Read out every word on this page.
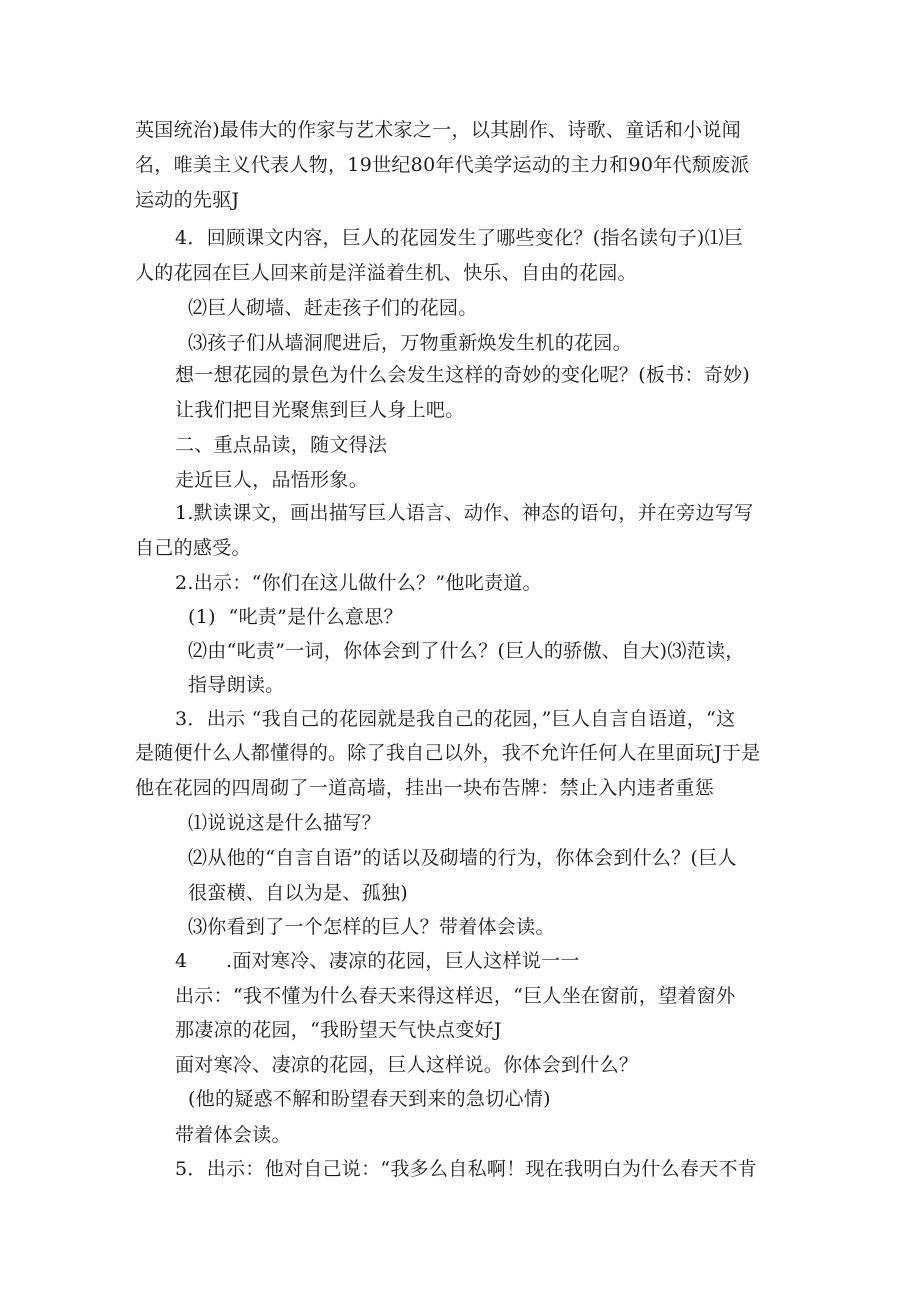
英国统治)最伟大的作家与艺术家之一，以其剧作、诗歌、童话和小说闻
名，唯美主义代表人物，19世纪80年代美学运动的主力和90年代颓废派
运动的先驱J
4．回顾课文内容，巨人的花园发生了哪些变化？(指名读句子)⑴巨
人的花园在巨人回来前是洋溢着生机、快乐、自由的花园。
⑵巨人砌墙、赶走孩子们的花园。
⑶孩子们从墙洞爬进后，万物重新焕发生机的花园。
想一想花园的景色为什么会发生这样的奇妙的变化呢？(板书：奇妙)
让我们把目光聚焦到巨人身上吧。
二、重点品读，随文得法
走近巨人，品悟形象。
1.默读课文，画出描写巨人语言、动作、神态的语句，并在旁边写写
自己的感受。
2.出示：“你们在这儿做什么？”他叱责道。
(1)  “叱责”是什么意思？
⑵由“叱责”一词，你体会到了什么？(巨人的骄傲、自大)⑶范读，
指导朗读。
3．出示 “我自己的花园就是我自己的花园，”巨人自言自语道，“这
是随便什么人都懂得的。除了我自己以外，我不允许任何人在里面玩J于是
他在花园的四周砌了一道高墙，挂出一块布告牌：禁止入内违者重惩
⑴说说这是什么描写？
⑵从他的“自言自语”的话以及砌墙的行为，你体会到什么？(巨人
很蛮横、自以为是、孤独)
⑶你看到了一个怎样的巨人？带着体会读。
4　　.面对寒冷、凄凉的花园，巨人这样说一一
出示：“我不懂为什么春天来得这样迟，“巨人坐在窗前，望着窗外
那凄凉的花园，“我盼望天气快点变好J
面对寒冷、凄凉的花园，巨人这样说。你体会到什么？
(他的疑惑不解和盼望春天到来的急切心情)
带着体会读。
5．出示：他对自己说：“我多么自私啊！现在我明白为什么春天不肯
